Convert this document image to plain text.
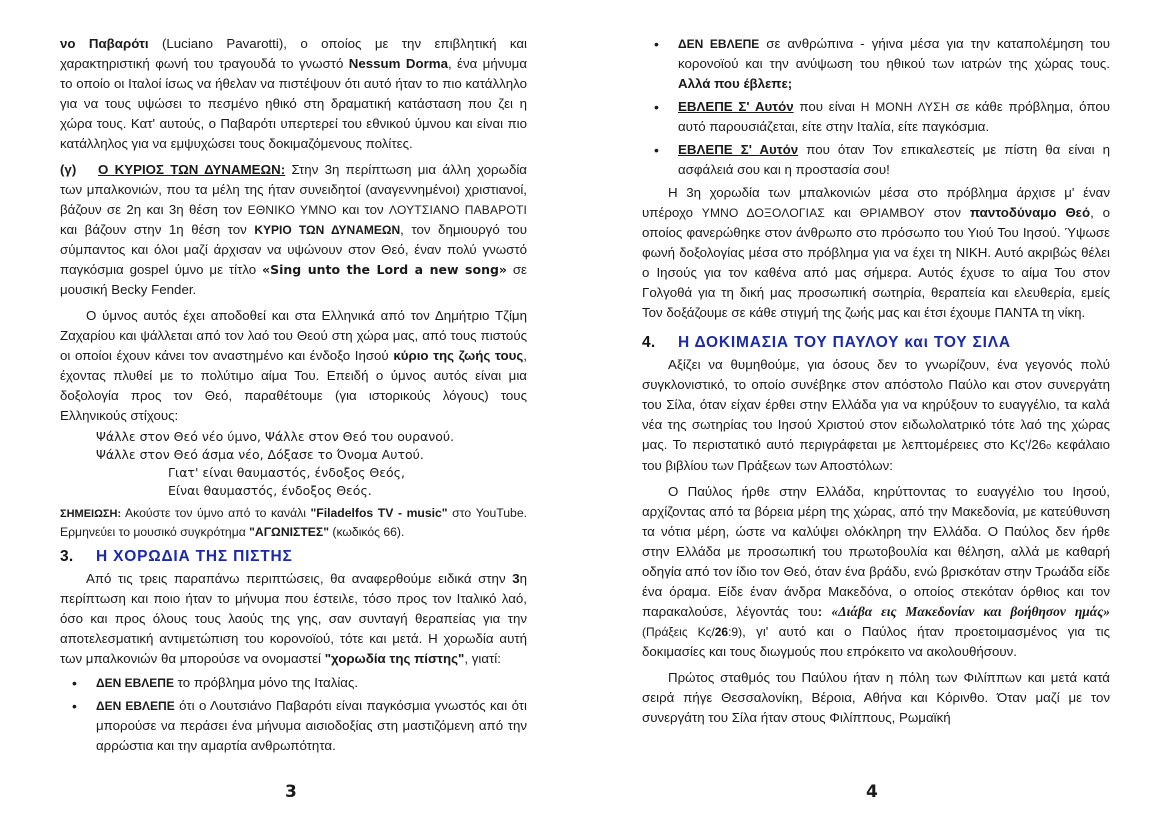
νο Παβαρότι (Luciano Pavarotti), ο οποίος με την επιβλητική και χαρακτηριστική φωνή του τραγουδά το γνωστό Nessum Dorma, ένα μήνυμα το οποίο οι Ιταλοί ίσως να ήθελαν να πιστέψουν ότι αυτό ήταν το πιο κατάλληλο για να τους υψώσει το πεσμένο ηθικό στη δραματική κατάσταση που ζει η χώρα τους. Κατ' αυτούς, ο Παβαρότι υπερτερεί του εθνικού ύμνου και είναι πιο κατάλληλος για να εμψυχώσει τους δοκιμαζόμενους πολίτες.

(γ) Ο ΚΥΡΙΟΣ ΤΩΝ ΔΥΝΑΜΕΩΝ: Στην 3η περίπτωση μια άλλη χορωδία των μπαλκονιών, που τα μέλη της ήταν συνειδητοί (αναγεννημένοι) χριστιανοί, βάζουν σε 2η και 3η θέση τον ΕΘΝΙΚΟ ΥΜΝΟ και τον ΛΟΥΤΣΙΑΝΟ ΠΑΒΑΡΟΤΙ και βάζουν στην 1η θέση τον ΚΥΡΙΟ ΤΩΝ ΔΥΝΑΜΕΩΝ, τον δημιουργό του σύμπαντος και όλοι μαζί άρχισαν να υψώνουν στον Θεό, έναν πολύ γνωστό παγκόσμια gospel ύμνο με τίτλο «Sing unto the Lord a new song» σε μουσική Becky Fender.

Ο ύμνος αυτός έχει αποδοθεί και στα Ελληνικά από τον Δημήτριο Τζίμη Ζαχαρίου και ψάλλεται από τον λαό του Θεού στη χώρα μας, από τους πιστούς οι οποίοι έχουν κάνει τον αναστημένο και ένδοξο Ιησού κύριο της ζωής τους, έχοντας πλυθεί με το πολύτιμο αίμα Του. Επειδή ο ύμνος αυτός είναι μια δοξολογία προς τον Θεό, παραθέτουμε (για ιστορικούς λόγους) τους Ελληνικούς στίχους:

Ψάλλε στον Θεό νέο ύμνο, Ψάλλε στον Θεό του ουρανού.
Ψάλλε στον Θεό άσμα νέο, Δόξασε το Όνομα Αυτού.
Γιατ' είναι θαυμαστός, ένδοξος Θεός,
Είναι θαυμαστός, ένδοξος Θεός.

ΣΗΜΕΙΩΣΗ: Ακούστε τον ύμνο από το κανάλι "Filadelfos TV - music" στο YouTube. Ερμηνεύει το μουσικό συγκρότημα "ΑΓΩΝΙΣΤΕΣ" (κωδικός 66).

3. Η ΧΟΡΩΔΙΑ ΤΗΣ ΠΙΣΤΗΣ

Από τις τρεις παραπάνω περιπτώσεις, θα αναφερθούμε ειδικά στην 3η περίπτωση και ποιο ήταν το μήνυμα που έστειλε, τόσο προς τον Ιταλικό λαό, όσο και προς όλους τους λαούς της γης, σαν συνταγή θεραπείας για την αποτελεσματική αντιμετώπιση του κορονοϊού, τότε και μετά. Η χορωδία αυτή των μπαλκονιών θα μπορούσε να ονομαστεί "χορωδία της πίστης", γιατί:

• ΔΕΝ ΕΒΛΕΠΕ το πρόβλημα μόνο της Ιταλίας.
• ΔΕΝ ΕΒΛΕΠΕ ότι ο Λουτσιάνο Παβαρότι είναι παγκόσμια γνωστός και ότι μπορούσε να περάσει ένα μήνυμα αισιοδοξίας στη μαστιζόμενη από την αρρώστια και την αμαρτία ανθρωπότητα.
3
• ΔΕΝ ΕΒΛΕΠΕ σε ανθρώπινα - γήινα μέσα για την καταπολέμηση του κορονοϊού και την ανύψωση του ηθικού των ιατρών της χώρας τους. Αλλά που έβλεπε;
• ΕΒΛΕΠΕ Σ' Αυτόν που είναι Η ΜΟΝΗ ΛΥΣΗ σε κάθε πρόβλημα, όπου αυτό παρουσιάζεται, είτε στην Ιταλία, είτε παγκόσμια.
• ΕΒΛΕΠΕ Σ' Αυτόν που όταν Τον επικαλεστείς με πίστη θα είναι η ασφάλειά σου και η προστασία σου!

Η 3η χορωδία των μπαλκονιών μέσα στο πρόβλημα άρχισε μ' έναν υπέροχο ΥΜΝΟ ΔΟΞΟΛΟΓΙΑΣ και ΘΡΙΑΜΒΟΥ στον παντοδύναμο Θεό, ο οποίος φανερώθηκε στον άνθρωπο στο πρόσωπο του Υιού Του Ιησού. Ύψωσε φωνή δοξολογίας μέσα στο πρόβλημα για να έχει τη ΝΙΚΗ. Αυτό ακριβώς θέλει ο Ιησούς για τον καθένα από μας σήμερα. Αυτός έχυσε το αίμα Του στον Γολγοθά για τη δική μας προσωπική σωτηρία, θεραπεία και ελευθερία, εμείς Τον δοξάζουμε σε κάθε στιγμή της ζωής μας και έτσι έχουμε ΠΑΝΤΑ τη νίκη.

4. Η ΔΟΚΙΜΑΣΙΑ ΤΟΥ ΠΑΥΛΟΥ και ΤΟΥ ΣΙΛΑ

Αξίζει να θυμηθούμε, για όσους δεν το γνωρίζουν, ένα γεγονός πολύ συγκλονιστικό, το οποίο συνέβηκε στον απόστολο Παύλο και στον συνεργάτη του Σίλα, όταν είχαν έρθει στην Ελλάδα για να κηρύξουν το ευαγγέλιο, τα καλά νέα της σωτηρίας του Ιησού Χριστού στον ειδωλολατρικό τότε λαό της χώρας μας. Το περιστατικό αυτό περιγράφεται με λεπτομέρειες στο Κς'/26ο κεφάλαιο του βιβλίου των Πράξεων των Αποστόλων:

Ο Παύλος ήρθε στην Ελλάδα, κηρύττοντας το ευαγγέλιο του Ιησού, αρχίζοντας από τα βόρεια μέρη της χώρας, από την Μακεδονία, με κατεύθυνση τα νότια μέρη, ώστε να καλύψει ολόκληρη την Ελλάδα. Ο Παύλος δεν ήρθε στην Ελλάδα με προσωπική του πρωτοβουλία και θέληση, αλλά με καθαρή οδηγία από τον ίδιο τον Θεό, όταν ένα βράδυ, ενώ βρισκόταν στην Τρωάδα είδε ένα όραμα. Είδε έναν άνδρα Μακεδόνα, ο οποίος στεκόταν όρθιος και τον παρακαλούσε, λέγοντάς του: «Διάβα εις Μακεδονίαν και βοήθησον ημάς» (Πράξεις Κς/26:9), γι' αυτό και ο Παύλος ήταν προετοιμασμένος για τις δοκιμασίες και τους διωγμούς που επρόκειτο να ακολουθήσουν.

Πρώτος σταθμός του Παύλου ήταν η πόλη των Φιλίππων και μετά κατά σειρά πήγε Θεσσαλονίκη, Βέροια, Αθήνα και Κόρινθο. Όταν μαζί με τον συνεργάτη του Σίλα ήταν στους Φιλίππους, Ρωμαϊκή

4
